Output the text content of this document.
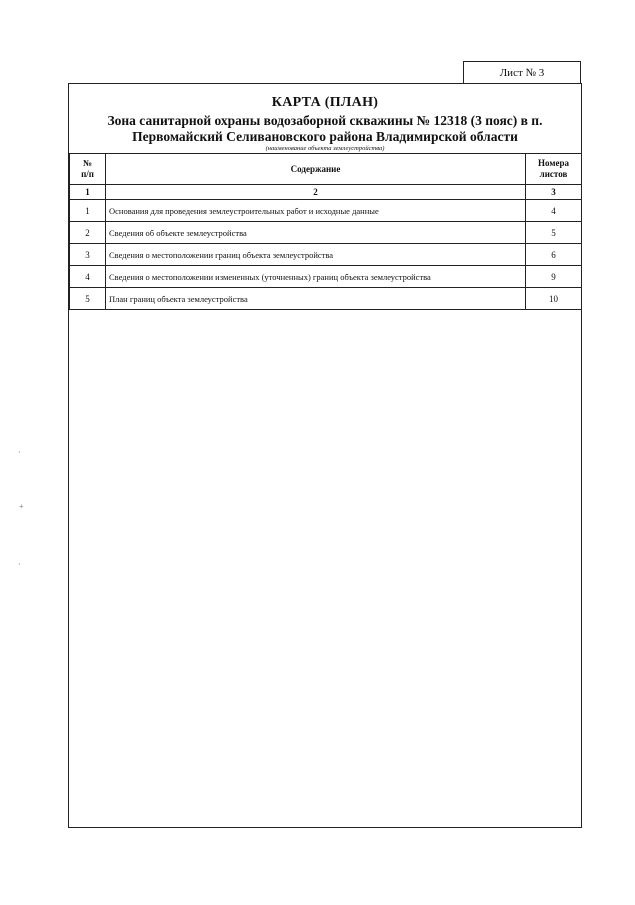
Лист № 3
КАРТА (ПЛАН)
Зона санитарной охраны водозаборной скважины № 12318 (3 пояс) в п.
Первомайский Селивановского района Владимирской области
(наименование объекта землеустройства)
№
п/п	Содержание	Номера
листов
1	2	3
1	Основания для проведения землеустроительных работ и исходные данные	4
2	Сведения об объекте землеустройства	5
3	Сведения о местоположении границ объекта землеустройства	6
4	Сведения о местоположении измененных (уточненных) границ объекта землеустройства	9
5	План границ объекта землеустройства	10
·
+
·
